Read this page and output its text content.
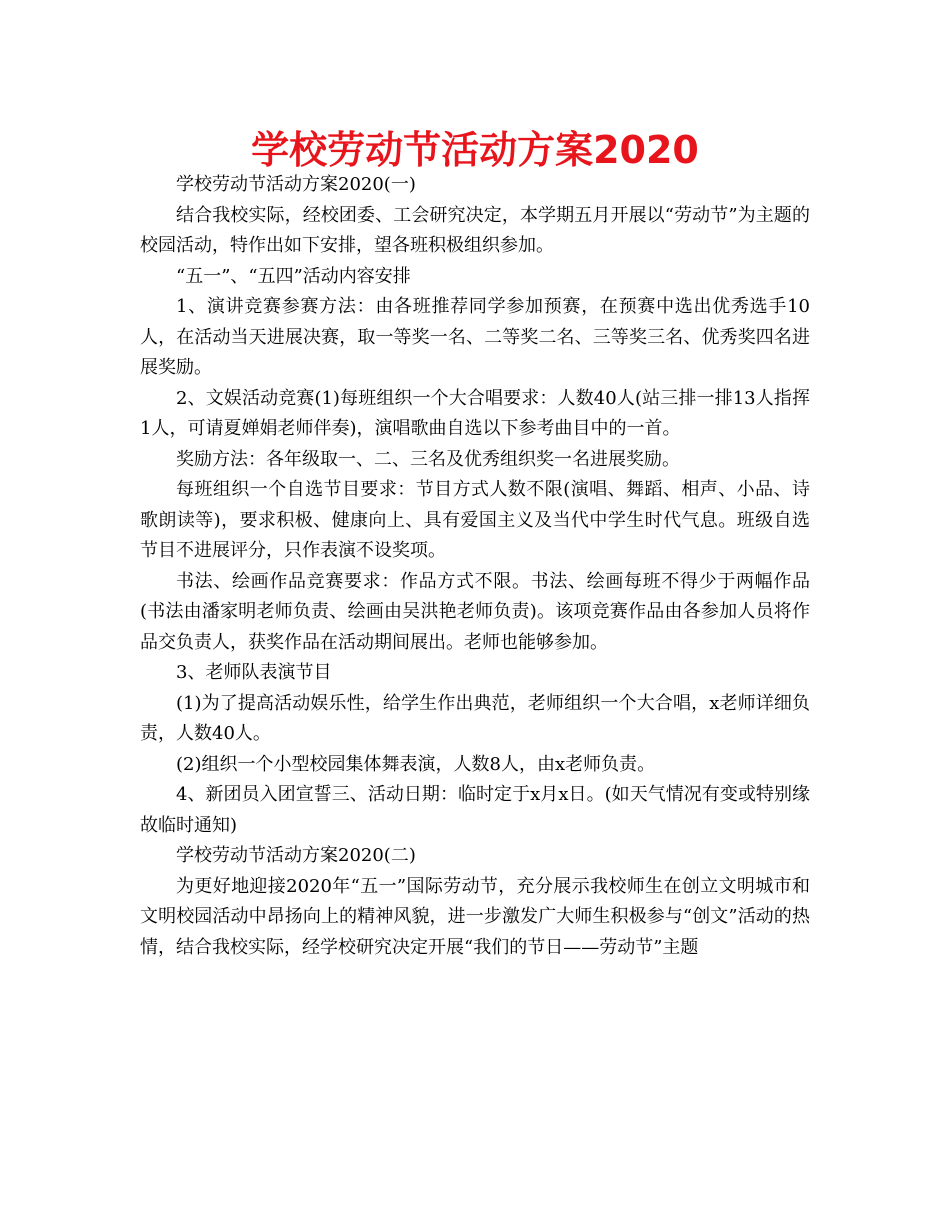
学校劳动节活动方案2020

学校劳动节活动方案2020(一)

结合我校实际，经校团委、工会研究决定，本学期五月开展以“劳动节”为主题的校园活动，特作出如下安排，望各班积极组织参加。

“五一”、“五四”活动内容安排

1、演讲竞赛参赛方法：由各班推荐同学参加预赛，在预赛中选出优秀选手10人，在活动当天进展决赛，取一等奖一名、二等奖二名、三等奖三名、优秀奖四名进展奖励。

2、文娱活动竞赛(1)每班组织一个大合唱要求：人数40人(站三排一排13人指挥1人，可请夏婵娟老师伴奏)，演唱歌曲自选以下参考曲目中的一首。

奖励方法：各年级取一、二、三名及优秀组织奖一名进展奖励。

每班组织一个自选节目要求：节目方式人数不限(演唱、舞蹈、相声、小品、诗歌朗读等)，要求积极、健康向上、具有爱国主义及当代中学生时代气息。班级自选节目不进展评分，只作表演不设奖项。

书法、绘画作品竞赛要求：作品方式不限。书法、绘画每班不得少于两幅作品(书法由潘家明老师负责、绘画由吴洪艳老师负责)。该项竞赛作品由各参加人员将作品交负责人，获奖作品在活动期间展出。老师也能够参加。

3、老师队表演节目

(1)为了提高活动娱乐性，给学生作出典范，老师组织一个大合唱，x老师详细负责，人数40人。

(2)组织一个小型校园集体舞表演，人数8人，由x老师负责。

4、新团员入团宣誓三、活动日期：临时定于x月x日。(如天气情况有变或特别缘故临时通知)

学校劳动节活动方案2020(二)

为更好地迎接2020年“五一”国际劳动节，充分展示我校师生在创立文明城市和文明校园活动中昂扬向上的精神风貌，进一步激发广大师生积极参与“创文”活动的热情，结合我校实际，经学校研究决定开展“我们的节日——劳动节”主题
